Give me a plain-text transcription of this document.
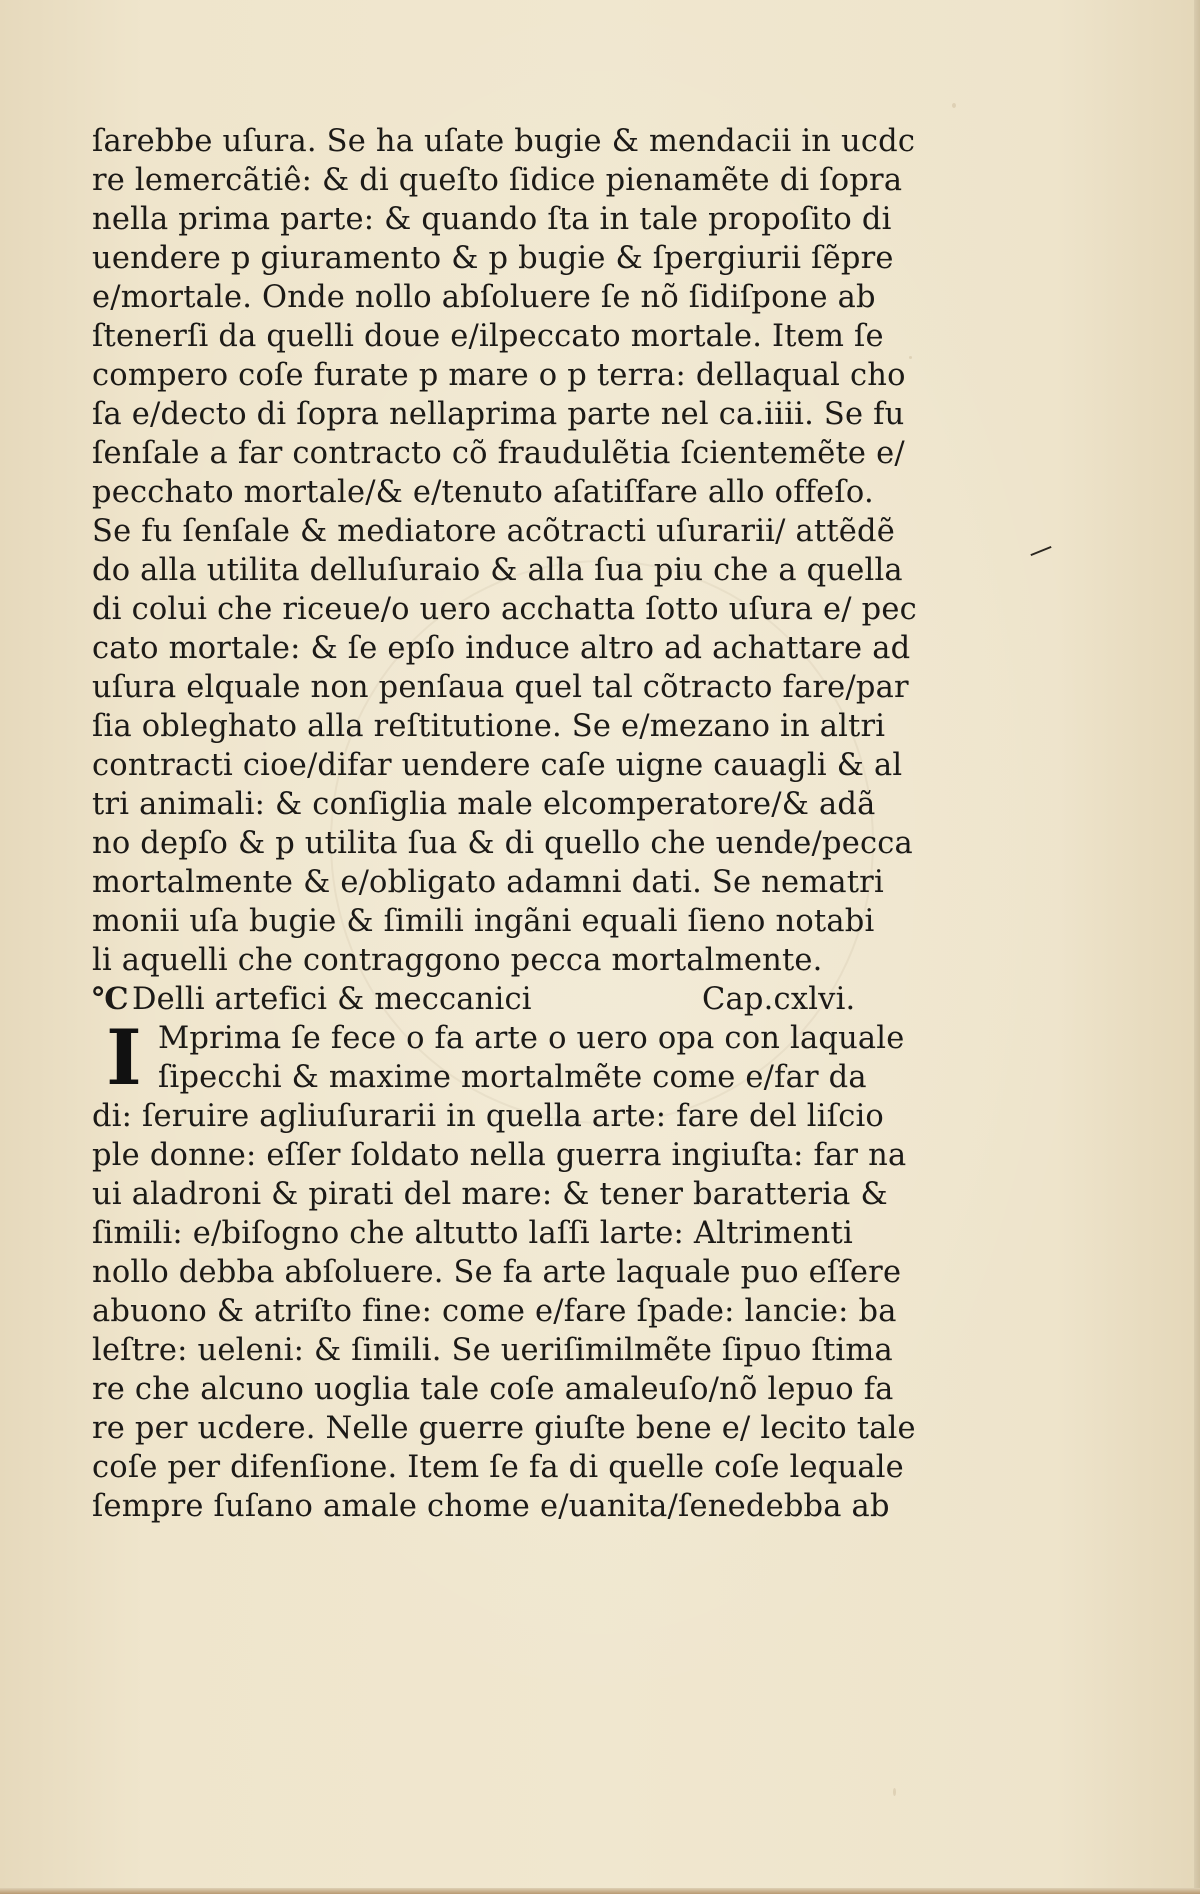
ſarebbe uſura. Se ha uſate bugie & mendacii in ucdc
re lemercãtiê: & di queſto ſidice pienamẽte di ſopra
nella prima parte: & quando ſta in tale propoſito di
uendere p giuramento & p bugie & ſpergiurii ſẽpre
e/mortale. Onde nollo abſoluere ſe nõ ſidiſpone ab
ſtenerſi da quelli doue e/ilpeccato mortale. Item ſe
compero coſe furate p mare o p terra: dellaqual cho
ſa e/decto di ſopra nellaprima parte nel ca.iiii. Se fu
ſenſale a far contracto cõ fraudulẽtia ſcientemẽte e/
pecchato mortale/& e/tenuto aſatiſfare allo offeſo.
Se fu ſenſale & mediatore acõtracti uſurarii/ attẽdẽ
do alla utilita delluſuraio & alla ſua piu che a quella
di colui che riceue/o uero acchatta ſotto uſura e/ pec
cato mortale: & ſe epſo induce altro ad achattare ad
uſura elquale non penſaua quel tal cõtracto fare/par
ſia obleghato alla reſtitutione. Se e/mezano in altri
contracti cioe/difar uendere caſe uigne cauagli & al
tri animali: & conſiglia male elcomperatore/& adã
no depſo & p utilita ſua & di quello che uende/pecca
mortalmente & e/obligato adamni dati. Se nematri
monii uſa bugie & ſimili ingãni equali ſieno notabi
li aquelli che contraggono pecca mortalmente.
℃ Delli artefici & meccanici	Cap.cxlvi.
I Mprima ſe fece o fa arte o uero opa con laquale
ſipecchi & maxime mortalmẽte come e/far da
di: ſeruire agliuſurarii in quella arte: fare del liſcio
ple donne: eſſer ſoldato nella guerra ingiuſta: far na
ui aladroni & pirati del mare: & tener baratteria &
ſimili: e/biſogno che altutto laſſi larte: Altrimenti
nollo debba abſoluere. Se fa arte laquale puo eſſere
abuono & atriſto fine: come e/fare ſpade: lancie: ba
leſtre: ueleni: & ſimili. Se ueriſimilmẽte ſipuo ſtima
re che alcuno uoglia tale coſe amaleuſo/nõ lepuo fa
re per ucdere. Nelle guerre giuſte bene e/ lecito tale
coſe per difenſione. Item ſe fa di quelle coſe lequale
ſempre ſuſano amale chome e/uanita/ſenedebba ab
